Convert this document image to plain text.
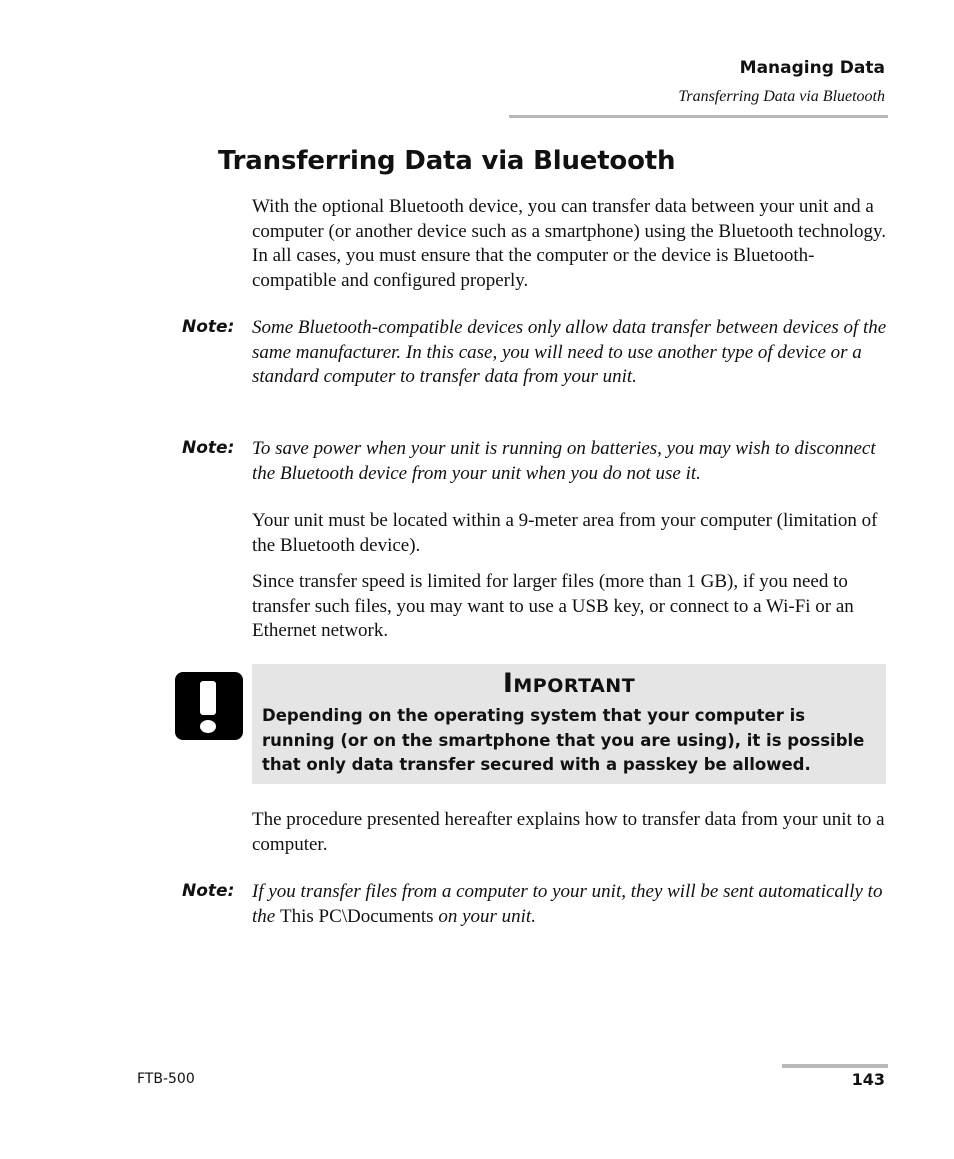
Managing Data
Transferring Data via Bluetooth
Transferring Data via Bluetooth

With the optional Bluetooth device, you can transfer data between your unit and a computer (or another device such as a smartphone) using the Bluetooth technology. In all cases, you must ensure that the computer or the device is Bluetooth-compatible and configured properly.

Note: Some Bluetooth-compatible devices only allow data transfer between devices of the same manufacturer. In this case, you will need to use another type of device or a standard computer to transfer data from your unit.

Note: To save power when your unit is running on batteries, you may wish to disconnect the Bluetooth device from your unit when you do not use it.

Your unit must be located within a 9-meter area from your computer (limitation of the Bluetooth device).

Since transfer speed is limited for larger files (more than 1 GB), if you need to transfer such files, you may want to use a USB key, or connect to a Wi-Fi or an Ethernet network.

Important
Depending on the operating system that your computer is running (or on the smartphone that you are using), it is possible that only data transfer secured with a passkey be allowed.

The procedure presented hereafter explains how to transfer data from your unit to a computer.

Note: If you transfer files from a computer to your unit, they will be sent automatically to the This PC\Documents on your unit.

FTB-500	143
